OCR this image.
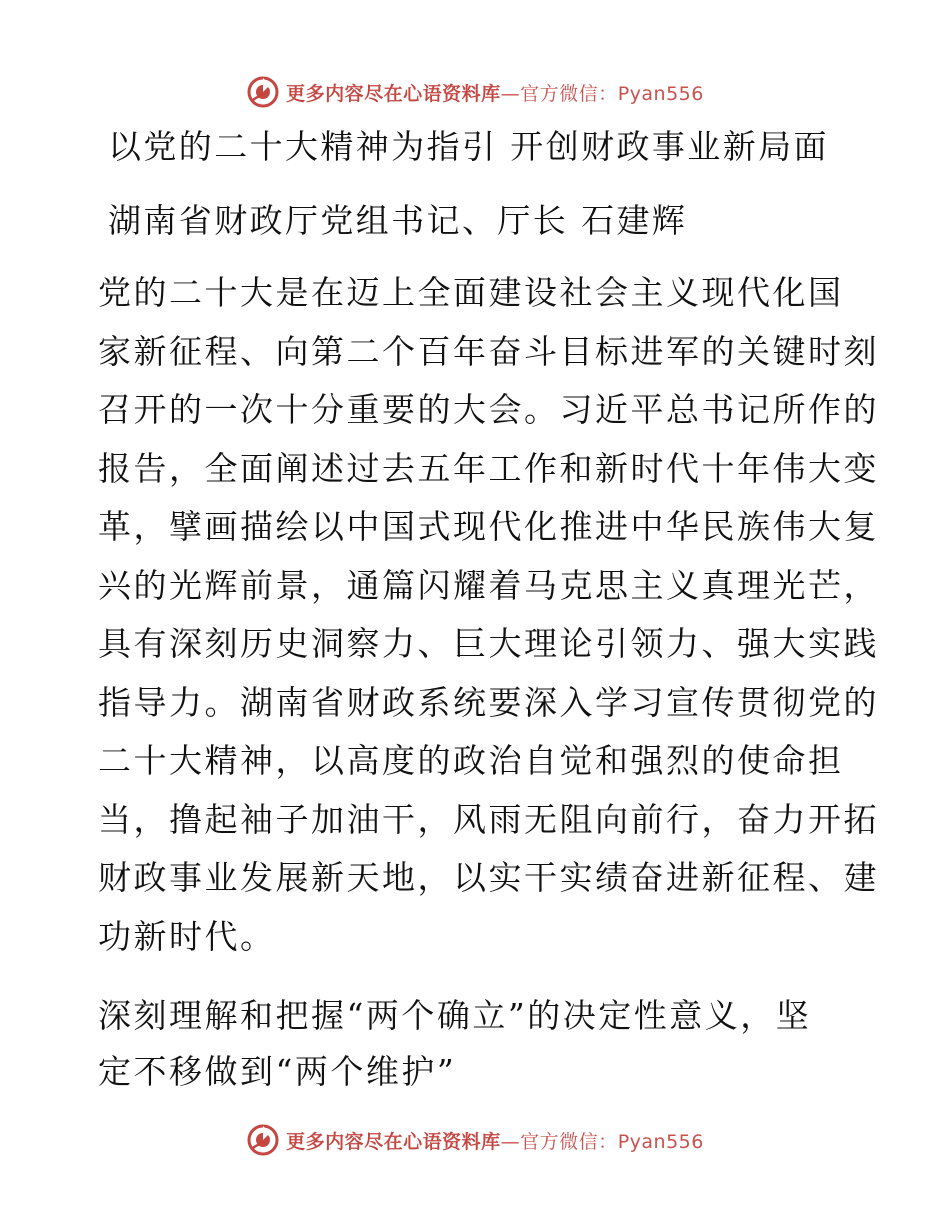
更多内容尽在心语资料库—官方微信：Pyan556
以党的二十大精神为指引 开创财政事业新局面
湖南省财政厅党组书记、厅长 石建辉

党的二十大是在迈上全面建设社会主义现代化国
家新征程、向第二个百年奋斗目标进军的关键时刻
召开的一次十分重要的大会。习近平总书记所作的
报告，全面阐述过去五年工作和新时代十年伟大变
革，擘画描绘以中国式现代化推进中华民族伟大复
兴的光辉前景，通篇闪耀着马克思主义真理光芒，
具有深刻历史洞察力、巨大理论引领力、强大实践
指导力。湖南省财政系统要深入学习宣传贯彻党的
二十大精神，以高度的政治自觉和强烈的使命担
当，撸起袖子加油干，风雨无阻向前行，奋力开拓
财政事业发展新天地，以实干实绩奋进新征程、建
功新时代。

深刻理解和把握“两个确立”的决定性意义，坚
定不移做到“两个维护”

更多内容尽在心语资料库—官方微信：Pyan556
